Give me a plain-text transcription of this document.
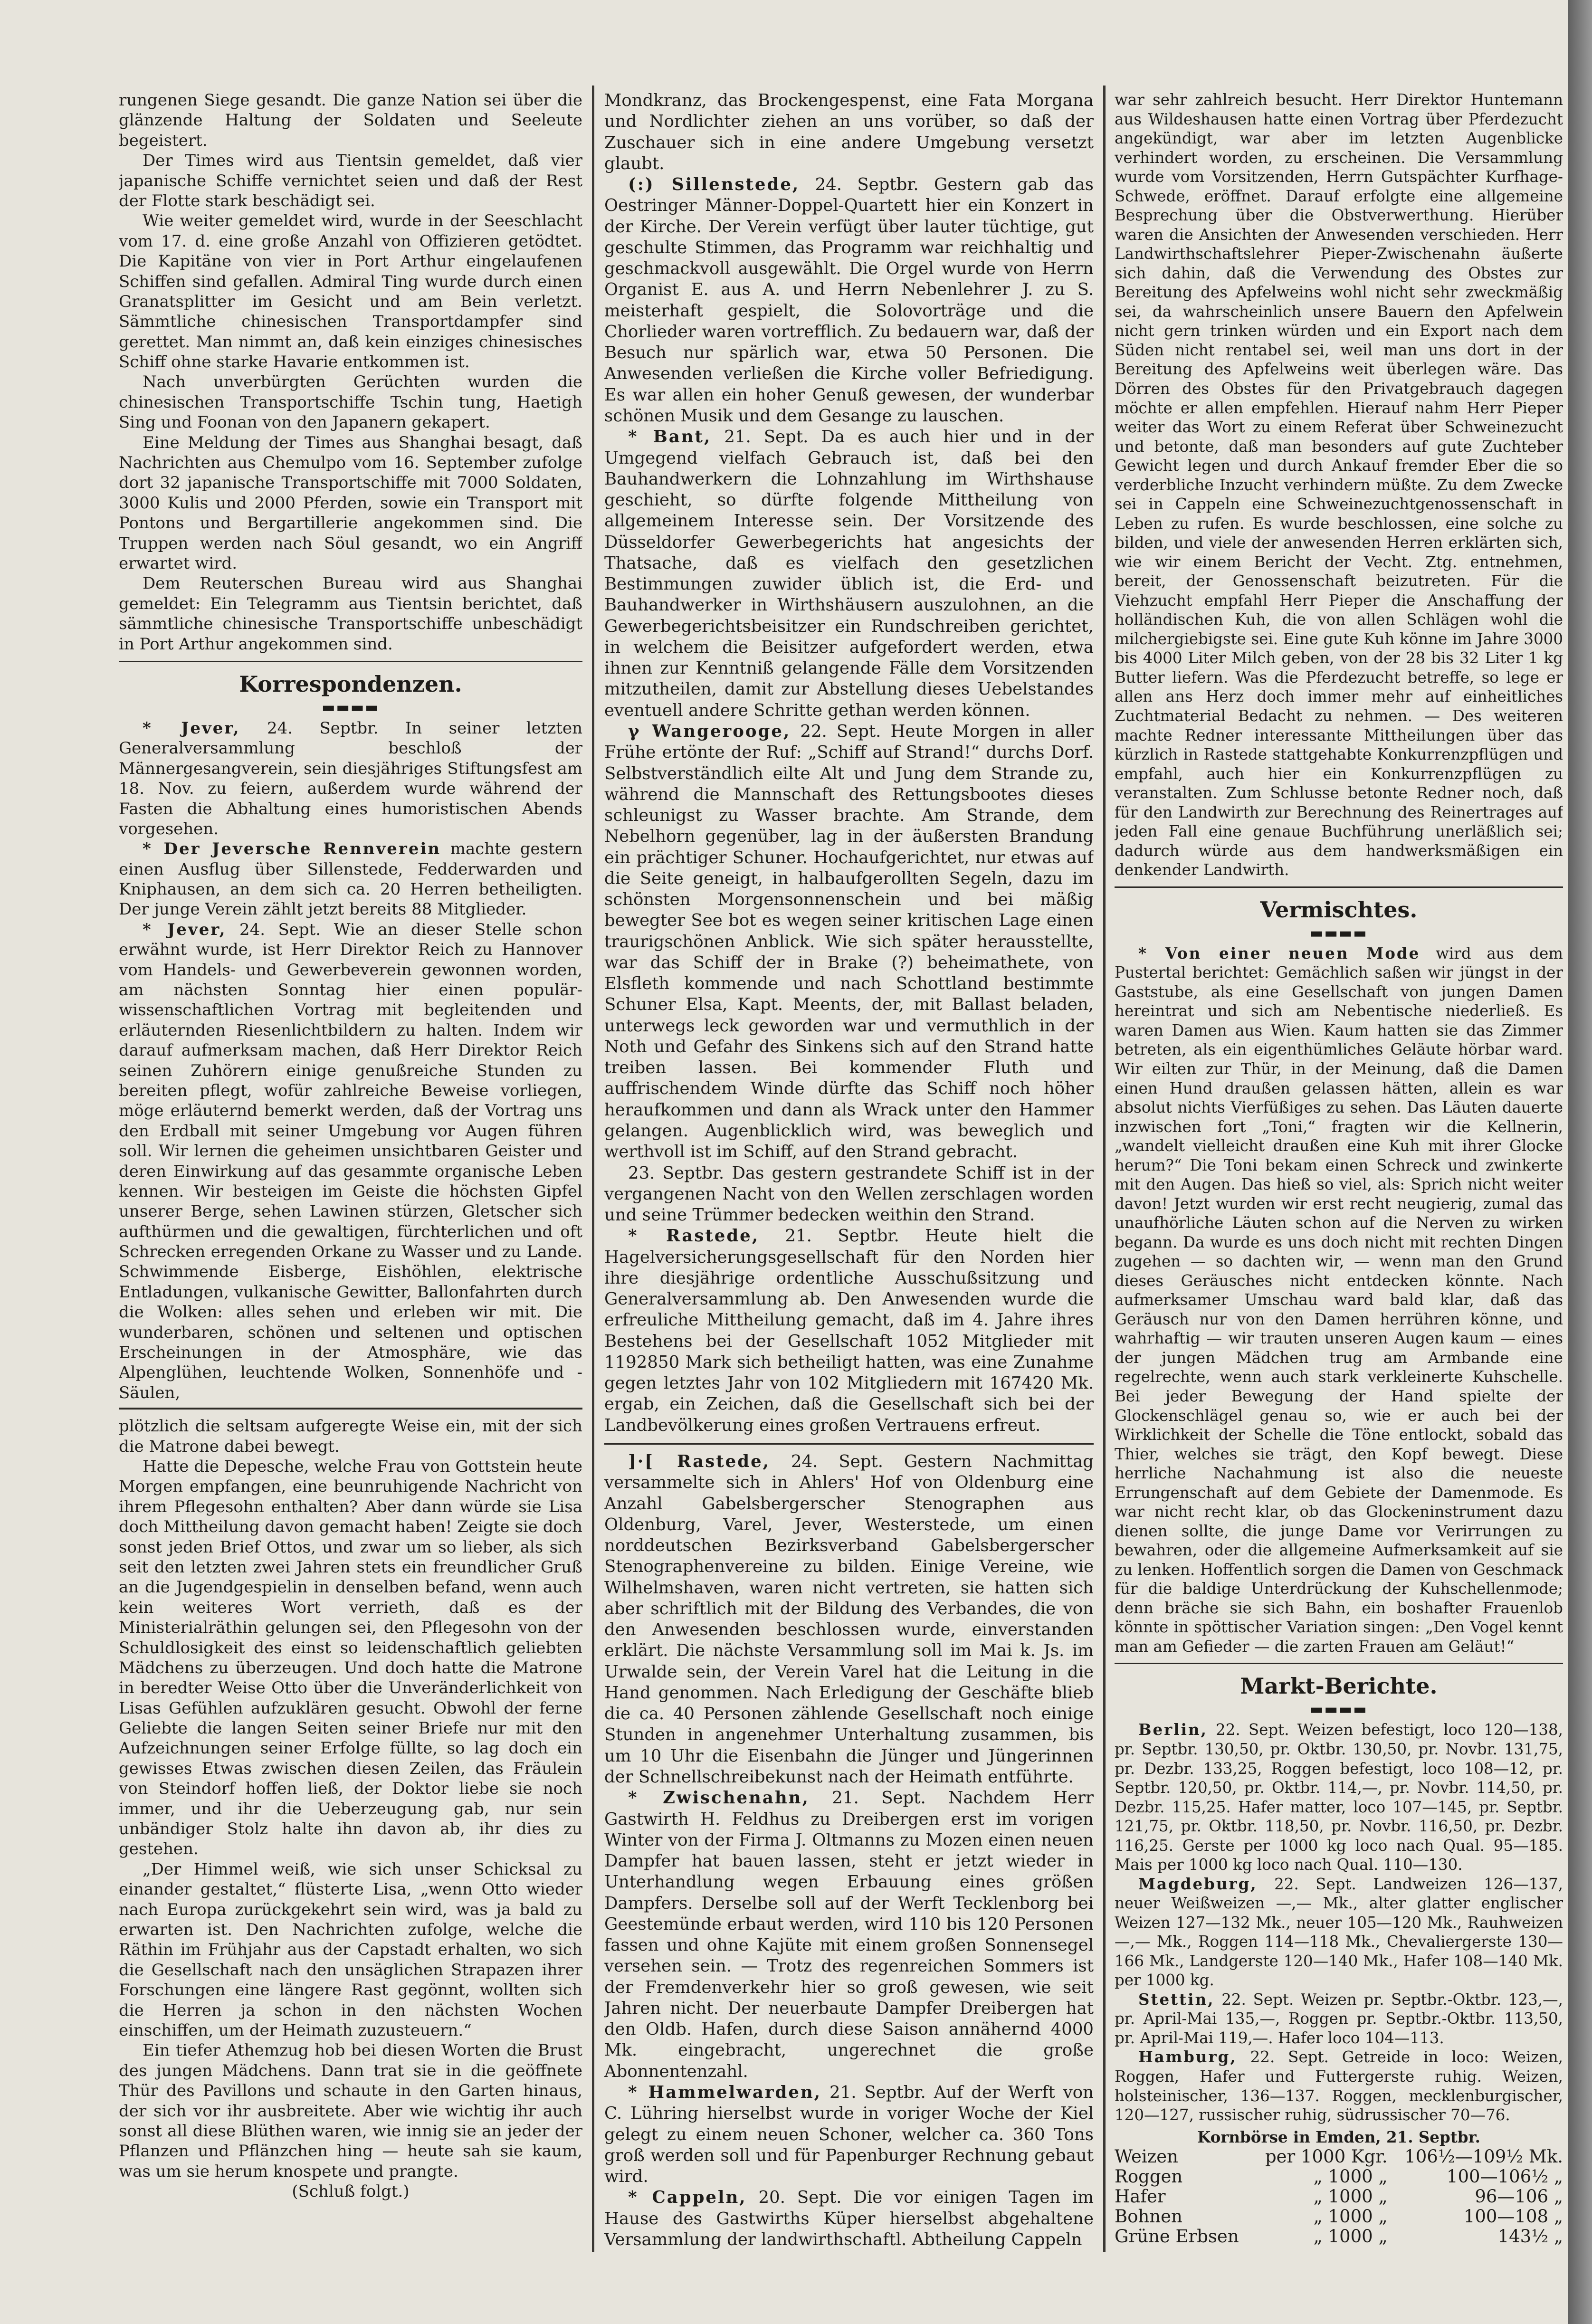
rungenen Siege gesandt. Die ganze Nation sei über die glänzende Haltung der Soldaten und Seeleute begeistert.

Der Times wird aus Tientsin gemeldet, daß vier japanische Schiffe vernichtet seien und daß der Rest der Flotte stark beschädigt sei.

Wie weiter gemeldet wird, wurde in der Seeschlacht vom 17. d. eine große Anzahl von Offizieren getödtet. Die Kapitäne von vier in Port Arthur eingelaufenen Schiffen sind gefallen. Admiral Ting wurde durch einen Granatsplitter im Gesicht und am Bein verletzt. Sämmtliche chinesischen Transportdampfer sind gerettet. Man nimmt an, daß kein einziges chinesisches Schiff ohne starke Havarie entkommen ist.

Nach unverbürgten Gerüchten wurden die chinesischen Transportschiffe Tschin tung, Haetigh Sing und Foonan von den Japanern gekapert.

Eine Meldung der Times aus Shanghai besagt, daß Nachrichten aus Chemulpo vom 16. September zufolge dort 32 japanische Transportschiffe mit 7000 Soldaten, 3000 Kulis und 2000 Pferden, sowie ein Transport mit Pontons und Bergartillerie angekommen sind. Die Truppen werden nach Söul gesandt, wo ein Angriff erwartet wird.

Dem Reuterschen Bureau wird aus Shanghai gemeldet: Ein Telegramm aus Tientsin berichtet, daß sämmtliche chinesische Transportschiffe unbeschädigt in Port Arthur angekommen sind.

Korrespondenzen.
▬▬▬▬

* Jever, 24. Septbr. In seiner letzten Generalversammlung beschloß der Männergesangverein, sein diesjähriges Stiftungsfest am 18. Nov. zu feiern, außerdem wurde während der Fasten die Abhaltung eines humoristischen Abends vorgesehen.

* Der Jeversche Rennverein machte gestern einen Ausflug über Sillenstede, Fedderwarden und Kniphausen, an dem sich ca. 20 Herren betheiligten. Der junge Verein zählt jetzt bereits 88 Mitglieder.

* Jever, 24. Sept. Wie an dieser Stelle schon erwähnt wurde, ist Herr Direktor Reich zu Hannover vom Handels- und Gewerbeverein gewonnen worden, am nächsten Sonntag hier einen populär-wissenschaftlichen Vortrag mit begleitenden und erläuternden Riesenlichtbildern zu halten. Indem wir darauf aufmerksam machen, daß Herr Direktor Reich seinen Zuhörern einige genußreiche Stunden zu bereiten pflegt, wofür zahlreiche Beweise vorliegen, möge erläuternd bemerkt werden, daß der Vortrag uns den Erdball mit seiner Umgebung vor Augen führen soll. Wir lernen die geheimen unsichtbaren Geister und deren Einwirkung auf das gesammte organische Leben kennen. Wir besteigen im Geiste die höchsten Gipfel unserer Berge, sehen Lawinen stürzen, Gletscher sich aufthürmen und die gewaltigen, fürchterlichen und oft Schrecken erregenden Orkane zu Wasser und zu Lande. Schwimmende Eisberge, Eishöhlen, elektrische Entladungen, vulkanische Gewitter, Ballonfahrten durch die Wolken: alles sehen und erleben wir mit. Die wunderbaren, schönen und seltenen und optischen Erscheinungen in der Atmosphäre, wie das Alpenglühen, leuchtende Wolken, Sonnenhöfe und -Säulen,

plötzlich die seltsam aufgeregte Weise ein, mit der sich die Matrone dabei bewegt.

Hatte die Depesche, welche Frau von Gottstein heute Morgen empfangen, eine beunruhigende Nachricht von ihrem Pflegesohn enthalten? Aber dann würde sie Lisa doch Mittheilung davon gemacht haben! Zeigte sie doch sonst jeden Brief Ottos, und zwar um so lieber, als sich seit den letzten zwei Jahren stets ein freundlicher Gruß an die Jugendgespielin in denselben befand, wenn auch kein weiteres Wort verrieth, daß es der Ministerialräthin gelungen sei, den Pflegesohn von der Schuldlosigkeit des einst so leidenschaftlich geliebten Mädchens zu überzeugen. Und doch hatte die Matrone in beredter Weise Otto über die Unveränderlichkeit von Lisas Gefühlen aufzuklären gesucht. Obwohl der ferne Geliebte die langen Seiten seiner Briefe nur mit den Aufzeichnungen seiner Erfolge füllte, so lag doch ein gewisses Etwas zwischen diesen Zeilen, das Fräulein von Steindorf hoffen ließ, der Doktor liebe sie noch immer, und ihr die Ueberzeugung gab, nur sein unbändiger Stolz halte ihn davon ab, ihr dies zu gestehen.

„Der Himmel weiß, wie sich unser Schicksal zu einander gestaltet,“ flüsterte Lisa, „wenn Otto wieder nach Europa zurückgekehrt sein wird, was ja bald zu erwarten ist. Den Nachrichten zufolge, welche die Räthin im Frühjahr aus der Capstadt erhalten, wo sich die Gesellschaft nach den unsäglichen Strapazen ihrer Forschungen eine längere Rast gegönnt, wollten sich die Herren ja schon in den nächsten Wochen einschiffen, um der Heimath zuzusteuern.“

Ein tiefer Athemzug hob bei diesen Worten die Brust des jungen Mädchens. Dann trat sie in die geöffnete Thür des Pavillons und schaute in den Garten hinaus, der sich vor ihr ausbreitete. Aber wie wichtig ihr auch sonst all diese Blüthen waren, wie innig sie an jeder der Pflanzen und Pflänzchen hing — heute sah sie kaum, was um sie herum knospete und prangte.

(Schluß folgt.)

Mondkranz, das Brockengespenst, eine Fata Morgana und Nordlichter ziehen an uns vorüber, so daß der Zuschauer sich in eine andere Umgebung versetzt glaubt.

(:) Sillenstede, 24. Septbr. Gestern gab das Oestringer Männer-Doppel-Quartett hier ein Konzert in der Kirche. Der Verein verfügt über lauter tüchtige, gut geschulte Stimmen, das Programm war reichhaltig und geschmackvoll ausgewählt. Die Orgel wurde von Herrn Organist E. aus A. und Herrn Nebenlehrer J. zu S. meisterhaft gespielt, die Solovorträge und die Chorlieder waren vortrefflich. Zu bedauern war, daß der Besuch nur spärlich war, etwa 50 Personen. Die Anwesenden verließen die Kirche voller Befriedigung. Es war allen ein hoher Genuß gewesen, der wunderbar schönen Musik und dem Gesange zu lauschen.

* Bant, 21. Sept. Da es auch hier und in der Umgegend vielfach Gebrauch ist, daß bei den Bauhandwerkern die Lohnzahlung im Wirthshause geschieht, so dürfte folgende Mittheilung von allgemeinem Interesse sein. Der Vorsitzende des Düsseldorfer Gewerbegerichts hat angesichts der Thatsache, daß es vielfach den gesetzlichen Bestimmungen zuwider üblich ist, die Erd- und Bauhandwerker in Wirthshäusern auszulohnen, an die Gewerbegerichtsbeisitzer ein Rundschreiben gerichtet, in welchem die Beisitzer aufgefordert werden, etwa ihnen zur Kenntniß gelangende Fälle dem Vorsitzenden mitzutheilen, damit zur Abstellung dieses Uebelstandes eventuell andere Schritte gethan werden können.

γ Wangerooge, 22. Sept. Heute Morgen in aller Frühe ertönte der Ruf: „Schiff auf Strand!“ durchs Dorf. Selbstverständlich eilte Alt und Jung dem Strande zu, während die Mannschaft des Rettungsbootes dieses schleunigst zu Wasser brachte. Am Strande, dem Nebelhorn gegenüber, lag in der äußersten Brandung ein prächtiger Schuner. Hochaufgerichtet, nur etwas auf die Seite geneigt, in halbaufgerollten Segeln, dazu im schönsten Morgensonnenschein und bei mäßig bewegter See bot es wegen seiner kritischen Lage einen traurigschönen Anblick. Wie sich später herausstellte, war das Schiff der in Brake (?) beheimathete, von Elsfleth kommende und nach Schottland bestimmte Schuner Elsa, Kapt. Meents, der, mit Ballast beladen, unterwegs leck geworden war und vermuthlich in der Noth und Gefahr des Sinkens sich auf den Strand hatte treiben lassen. Bei kommender Fluth und auffrischendem Winde dürfte das Schiff noch höher heraufkommen und dann als Wrack unter den Hammer gelangen. Augenblicklich wird, was beweglich und werthvoll ist im Schiff, auf den Strand gebracht.

23. Septbr. Das gestern gestrandete Schiff ist in der vergangenen Nacht von den Wellen zerschlagen worden und seine Trümmer bedecken weithin den Strand.

* Rastede, 21. Septbr. Heute hielt die Hagelversicherungsgesellschaft für den Norden hier ihre diesjährige ordentliche Ausschußsitzung und Generalversammlung ab. Den Anwesenden wurde die erfreuliche Mittheilung gemacht, daß im 4. Jahre ihres Bestehens bei der Gesellschaft 1052 Mitglieder mit 1192850 Mark sich betheiligt hatten, was eine Zunahme gegen letztes Jahr von 102 Mitgliedern mit 167420 Mk. ergab, ein Zeichen, daß die Gesellschaft sich bei der Landbevölkerung eines großen Vertrauens erfreut.

]·[ Rastede, 24. Sept. Gestern Nachmittag versammelte sich in Ahlers' Hof von Oldenburg eine Anzahl Gabelsbergerscher Stenographen aus Oldenburg, Varel, Jever, Westerstede, um einen norddeutschen Bezirksverband Gabelsbergerscher Stenographenvereine zu bilden. Einige Vereine, wie Wilhelmshaven, waren nicht vertreten, sie hatten sich aber schriftlich mit der Bildung des Verbandes, die von den Anwesenden beschlossen wurde, einverstanden erklärt. Die nächste Versammlung soll im Mai k. Js. im Urwalde sein, der Verein Varel hat die Leitung in die Hand genommen. Nach Erledigung der Geschäfte blieb die ca. 40 Personen zählende Gesellschaft noch einige Stunden in angenehmer Unterhaltung zusammen, bis um 10 Uhr die Eisenbahn die Jünger und Jüngerinnen der Schnellschreibekunst nach der Heimath entführte.

* Zwischenahn, 21. Sept. Nachdem Herr Gastwirth H. Feldhus zu Dreibergen erst im vorigen Winter von der Firma J. Oltmanns zu Mozen einen neuen Dampfer hat bauen lassen, steht er jetzt wieder in Unterhandlung wegen Erbauung eines größen Dampfers. Derselbe soll auf der Werft Tecklenborg bei Geestemünde erbaut werden, wird 110 bis 120 Personen fassen und ohne Kajüte mit einem großen Sonnensegel versehen sein. — Trotz des regenreichen Sommers ist der Fremdenverkehr hier so groß gewesen, wie seit Jahren nicht. Der neuerbaute Dampfer Dreibergen hat den Oldb. Hafen, durch diese Saison annähernd 4000 Mk. eingebracht, ungerechnet die große Abonnentenzahl.

* Hammelwarden, 21. Septbr. Auf der Werft von C. Lühring hierselbst wurde in voriger Woche der Kiel gelegt zu einem neuen Schoner, welcher ca. 360 Tons groß werden soll und für Papenburger Rechnung gebaut wird.

* Cappeln, 20. Sept. Die vor einigen Tagen im Hause des Gastwirths Küper hierselbst abgehaltene Versammlung der landwirthschaftl. Abtheilung Cappeln

war sehr zahlreich besucht. Herr Direktor Huntemann aus Wildeshausen hatte einen Vortrag über Pferdezucht angekündigt, war aber im letzten Augenblicke verhindert worden, zu erscheinen. Die Versammlung wurde vom Vorsitzenden, Herrn Gutspächter Kurfhage-Schwede, eröffnet. Darauf erfolgte eine allgemeine Besprechung über die Obstverwerthung. Hierüber waren die Ansichten der Anwesenden verschieden. Herr Landwirthschaftslehrer Pieper-Zwischenahn äußerte sich dahin, daß die Verwendung des Obstes zur Bereitung des Apfelweins wohl nicht sehr zweckmäßig sei, da wahrscheinlich unsere Bauern den Apfelwein nicht gern trinken würden und ein Export nach dem Süden nicht rentabel sei, weil man uns dort in der Bereitung des Apfelweins weit überlegen wäre. Das Dörren des Obstes für den Privatgebrauch dagegen möchte er allen empfehlen. Hierauf nahm Herr Pieper weiter das Wort zu einem Referat über Schweinezucht und betonte, daß man besonders auf gute Zuchteber Gewicht legen und durch Ankauf fremder Eber die so verderbliche Inzucht verhindern müßte. Zu dem Zwecke sei in Cappeln eine Schweinezuchtgenossenschaft in Leben zu rufen. Es wurde beschlossen, eine solche zu bilden, und viele der anwesenden Herren erklärten sich, wie wir einem Bericht der Vecht. Ztg. entnehmen, bereit, der Genossenschaft beizutreten. Für die Viehzucht empfahl Herr Pieper die Anschaffung der holländischen Kuh, die von allen Schlägen wohl die milchergiebigste sei. Eine gute Kuh könne im Jahre 3000 bis 4000 Liter Milch geben, von der 28 bis 32 Liter 1 kg Butter liefern. Was die Pferdezucht betreffe, so lege er allen ans Herz doch immer mehr auf einheitliches Zuchtmaterial Bedacht zu nehmen. — Des weiteren machte Redner interessante Mittheilungen über das kürzlich in Rastede stattgehabte Konkurrenzpflügen und empfahl, auch hier ein Konkurrenzpflügen zu veranstalten. Zum Schlusse betonte Redner noch, daß für den Landwirth zur Berechnung des Reinertrages auf jeden Fall eine genaue Buchführung unerläßlich sei; dadurch würde aus dem handwerksmäßigen ein denkender Landwirth.

Vermischtes.
▬▬▬▬

* Von einer neuen Mode wird aus dem Pustertal berichtet: Gemächlich saßen wir jüngst in der Gaststube, als eine Gesellschaft von jungen Damen hereintrat und sich am Nebentische niederließ. Es waren Damen aus Wien. Kaum hatten sie das Zimmer betreten, als ein eigenthümliches Geläute hörbar ward. Wir eilten zur Thür, in der Meinung, daß die Damen einen Hund draußen gelassen hätten, allein es war absolut nichts Vierfüßiges zu sehen. Das Läuten dauerte inzwischen fort „Toni,“ fragten wir die Kellnerin, „wandelt vielleicht draußen eine Kuh mit ihrer Glocke herum?“ Die Toni bekam einen Schreck und zwinkerte mit den Augen. Das hieß so viel, als: Sprich nicht weiter davon! Jetzt wurden wir erst recht neugierig, zumal das unaufhörliche Läuten schon auf die Nerven zu wirken begann. Da wurde es uns doch nicht mit rechten Dingen zugehen — so dachten wir, — wenn man den Grund dieses Geräusches nicht entdecken könnte. Nach aufmerksamer Umschau ward bald klar, daß das Geräusch nur von den Damen herrühren könne, und wahrhaftig — wir trauten unseren Augen kaum — eines der jungen Mädchen trug am Armbande eine regelrechte, wenn auch stark verkleinerte Kuhschelle. Bei jeder Bewegung der Hand spielte der Glockenschlägel genau so, wie er auch bei der Wirklichkeit der Schelle die Töne entlockt, sobald das Thier, welches sie trägt, den Kopf bewegt. Diese herrliche Nachahmung ist also die neueste Errungenschaft auf dem Gebiete der Damenmode. Es war nicht recht klar, ob das Glockeninstrument dazu dienen sollte, die junge Dame vor Verirrungen zu bewahren, oder die allgemeine Aufmerksamkeit auf sie zu lenken. Hoffentlich sorgen die Damen von Geschmack für die baldige Unterdrückung der Kuhschellenmode; denn bräche sie sich Bahn, ein boshafter Frauenlob könnte in spöttischer Variation singen: „Den Vogel kennt man am Gefieder — die zarten Frauen am Geläut!“

Markt-Berichte.
▬▬▬▬

Berlin, 22. Sept. Weizen befestigt, loco 120—138, pr. Septbr. 130,50, pr. Oktbr. 130,50, pr. Novbr. 131,75, pr. Dezbr. 133,25, Roggen befestigt, loco 108—12, pr. Septbr. 120,50, pr. Oktbr. 114,—, pr. Novbr. 114,50, pr. Dezbr. 115,25. Hafer matter, loco 107—145, pr. Septbr. 121,75, pr. Oktbr. 118,50, pr. Novbr. 116,50, pr. Dezbr. 116,25. Gerste per 1000 kg loco nach Qual. 95—185. Mais per 1000 kg loco nach Qual. 110—130.

Magdeburg, 22. Sept. Landweizen 126—137, neuer Weißweizen —,— Mk., alter glatter englischer Weizen 127—132 Mk., neuer 105—120 Mk., Rauhweizen —,— Mk., Roggen 114—118 Mk., Chevaliergerste 130—166 Mk., Landgerste 120—140 Mk., Hafer 108—140 Mk. per 1000 kg.

Stettin, 22. Sept. Weizen pr. Septbr.-Oktbr. 123,—, pr. April-Mai 135,—, Roggen pr. Septbr.-Oktbr. 113,50, pr. April-Mai 119,—. Hafer loco 104—113.

Hamburg, 22. Sept. Getreide in loco: Weizen, Roggen, Hafer und Futtergerste ruhig. Weizen, holsteinischer, 136—137. Roggen, mecklenburgischer, 120—127, russischer ruhig, südrussischer 70—76.

Kornbörse in Emden, 21. Septbr.

Weizen	per 1000 Kgr.	106½—109½ Mk.
Roggen	„ 1000 „	100—106½ „
Hafer	„ 1000 „	96—106 „
Bohnen	„ 1000 „	100—108 „
Grüne Erbsen	„ 1000 „	143½ „
